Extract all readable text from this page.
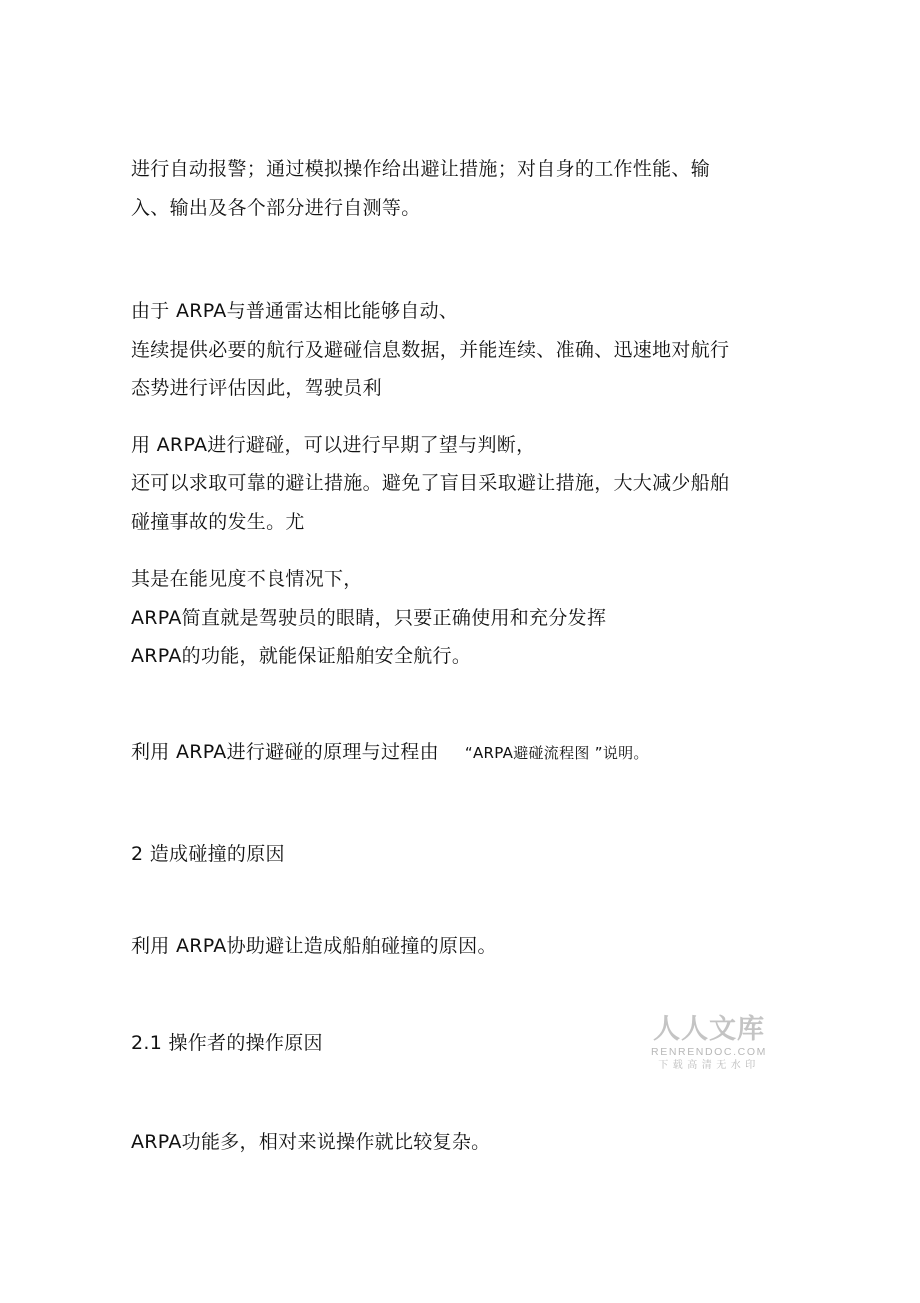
进行自动报警；通过模拟操作给出避让措施；对自身的工作性能、输
入、输出及各个部分进行自测等。
由于 ARPA与普通雷达相比能够自动、
连续提供必要的航行及避碰信息数据，并能连续、准确、迅速地对航行
态势进行评估因此，驾驶员利
用 ARPA进行避碰，可以进行早期了望与判断，
还可以求取可靠的避让措施。避免了盲目采取避让措施，大大减少船舶
碰撞事故的发生。尤
其是在能见度不良情况下，
ARPA简直就是驾驶员的眼睛，只要正确使用和充分发挥
ARPA的功能，就能保证船舶安全航行。
利用 ARPA进行避碰的原理与过程由 “ARPA避碰流程图 ”说明。
2 造成碰撞的原因
利用 ARPA协助避让造成船舶碰撞的原因。
2.1 操作者的操作原因
ARPA功能多，相对来说操作就比较复杂。
人人文库
RENRENDOC.COM
下载高清无水印
